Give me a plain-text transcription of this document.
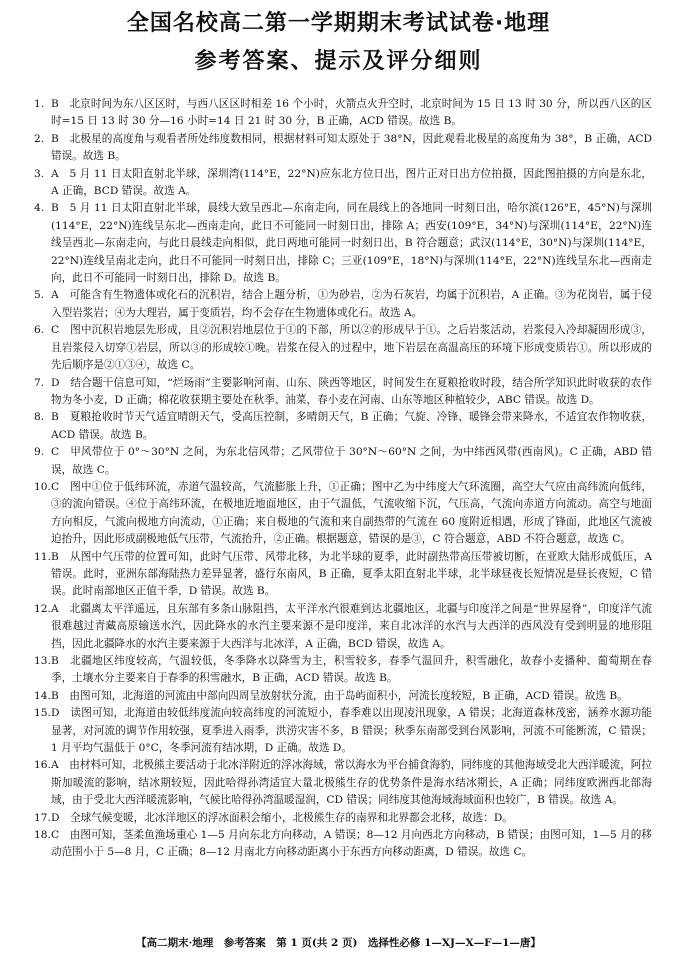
全国名校高二第一学期期末考试试卷·地理
参考答案、提示及评分细则
1. B　北京时间为东八区区时，与西八区区时相差 16 个小时，火箭点火升空时，北京时间为 15 日 13 时 30 分，所以西八区的区时=15 日 13 时 30 分—16 小时=14 日 21 时 30 分，B 正确，ACD 错误。故选 B。
2. B　北极星的高度角与观看者所处纬度数相同，根据材料可知太原处于 38°N，因此观看北极星的高度角为 38°，B 正确，ACD 错误。故选 B。
3. A　5 月 11 日太阳直射北半球，深圳湾(114°E，22°N)应东北方位日出，图片正对日出方位拍摄，因此图拍摄的方向是东北，A 正确，BCD 错误。故选 A。
4. B　5 月 11 日太阳直射北半球，晨线大致呈西北—东南走向，同在晨线上的各地同一时刻日出，哈尔滨(126°E，45°N)与深圳(114°E，22°N)连线呈东北—西南走向，此日不可能同一时刻日出，排除 A；西安(109°E，34°N)与深圳(114°E，22°N)连线呈西北—东南走向，与此日晨线走向相似，此日两地可能同一时刻日出，B 符合题意；武汉(114°E，30°N)与深圳(114°E，22°N)连线呈南北走向，此日不可能同一时刻日出，排除 C；三亚(109°E，18°N)与深圳(114°E，22°N)连线呈东北—西南走向，此日不可能同一时刻日出，排除 D。故选 B。
5. A　可能含有生物遗体或化石的沉积岩，结合上题分析，①为砂岩，②为石灰岩，均属于沉积岩，A 正确。③为花岗岩，属于侵入型岩浆岩；④为大理岩，属于变质岩，均不会存在生物遗体或化石。故选 A。
6. C　图中沉积岩地层先形成，且②沉积岩地层位于①的下部，所以②的形成早于①。之后岩浆活动，岩浆侵入冷却凝固形成③，且岩浆侵入切穿①岩层，所以③的形成较①晚。岩浆在侵入的过程中，地下岩层在高温高压的环境下形成变质岩①。所以形成的先后顺序是②①③④，故选 C。
7. D　结合题干信息可知，“烂场雨”主要影响河南、山东、陕西等地区，时间发生在夏粮抢收时段，结合所学知识此时收获的农作物为冬小麦，D 正确；棉花收获期主要处在秋季、油菜，春小麦在河南、山东等地区种植较少，ABC 错误。故选 D。
8. B　夏粮抢收时节天气适宜晴朗天气，受高压控制，多晴朗天气，B 正确；气旋、冷锋、暖锋会带来降水，不适宜农作物收获，ACD 错误。故选 B。
9. C　甲风带位于 0°～30°N 之间，为东北信风带；乙风带位于 30°N～60°N 之间，为中纬西风带(西南风)。C 正确，ABD 错误，故选 C。
10. C　图中①位于低纬环流，赤道气温较高，气流膨胀上升，①正确；图中乙为中纬度大气环流圈，高空大气应由高纬流向低纬，③的流向错误。④位于高纬环流，在极地近地面地区，由于气温低，气流收缩下沉，气压高，气流向赤道方向流动。高空与地面方向相反，气流向极地方向流动，①正确；来自极地的气流和来自副热带的气流在 60 度附近相遇，形成了锋面，此地区气流被迫抬升，因此形成副极地低气压带，气流抬升，②正确。根据题意，错误的是③，C 符合题意，ABD 不符合题意，故选 C。
11. B　从图中气压带的位置可知，此时气压带、风带北移，为北半球的夏季，此时副热带高压带被切断，在亚欧大陆形成低压，A 错误。此时，亚洲东部海陆热力差异显著，盛行东南风，B 正确，夏季太阳直射北半球，北半球昼夜长短情况是昼长夜短，C 错误。此时南部地区正值干季，D 错误。故选 B。
12. A　北疆离太平洋遥远，且东部有多条山脉阻挡，太平洋水汽很难到达北疆地区，北疆与印度洋之间是“世界屋脊”，印度洋气流很难越过青藏高原输送水汽，因此降水的水汽主要来源不是印度洋，来自北冰洋的水汽与大西洋的西风没有受到明显的地形阻挡，因此北疆降水的水汽主要来源于大西洋与北冰洋，A 正确，BCD 错误，故选 A。
13. B　北疆地区纬度较高，气温较低，冬季降水以降雪为主，积雪较多，春季气温回升，积雪融化，故春小麦播种、葡萄期在春季，土壤水分主要来自于春季的积雪融水，B 正确，ACD 错误。故选 B。
14. B　由图可知，北海道的河流由中部向四周呈放射状分流，由于岛屿面积小，河流长度较短，B 正确，ACD 错误。故选 B。
15. D　读图可知，北海道由较低纬度流向较高纬度的河流短小，春季难以出现凌汛现象，A 错误；北海道森林茂密，涵养水源功能显著，对河流的调节作用较强，夏季进入雨季，洪涝灾害不多，B 错误；秋季东南部受到台风影响，河流不可能断流，C 错误；1 月平均气温低于 0°C，冬季河流有结冰期，D 正确。故选 D。
16. A　由材料可知，北极熊主要活动于北冰洋附近的浮冰海域，常以海水为平台捕食海豹，同纬度的其他海域受北大西洋暖流，阿拉斯加暖流的影响，结冰期较短，因此哈得孙湾适宜大量北极熊生存的优势条件是海水结冰期长，A 正确；同纬度欧洲西北部海域，由于受北大西洋暖流影响，气候比哈得孙湾温暖湿润，CD 错误；同纬度其他海域海域面积也较广，B 错误。故选 A。
17. D　全球气候变暖，北冰洋地区的浮冰面积会缩小，北极熊生存的南界和北界都会北移，故选：D。
18. C　由图可知，茎柔鱼渔场重心 1—5 月向东北方向移动，A 错误；8—12 月向西北方向移动，B 错误；由图可知，1—5 月的移动范围小于 5—8 月，C 正确；8—12 月南北方向移动距离小于东西方向移动距离，D 错误。故选 C。
【高二期末·地理　参考答案　第 1 页(共 2 页)　选择性必修 1—XJ—X—F—1—唐】
